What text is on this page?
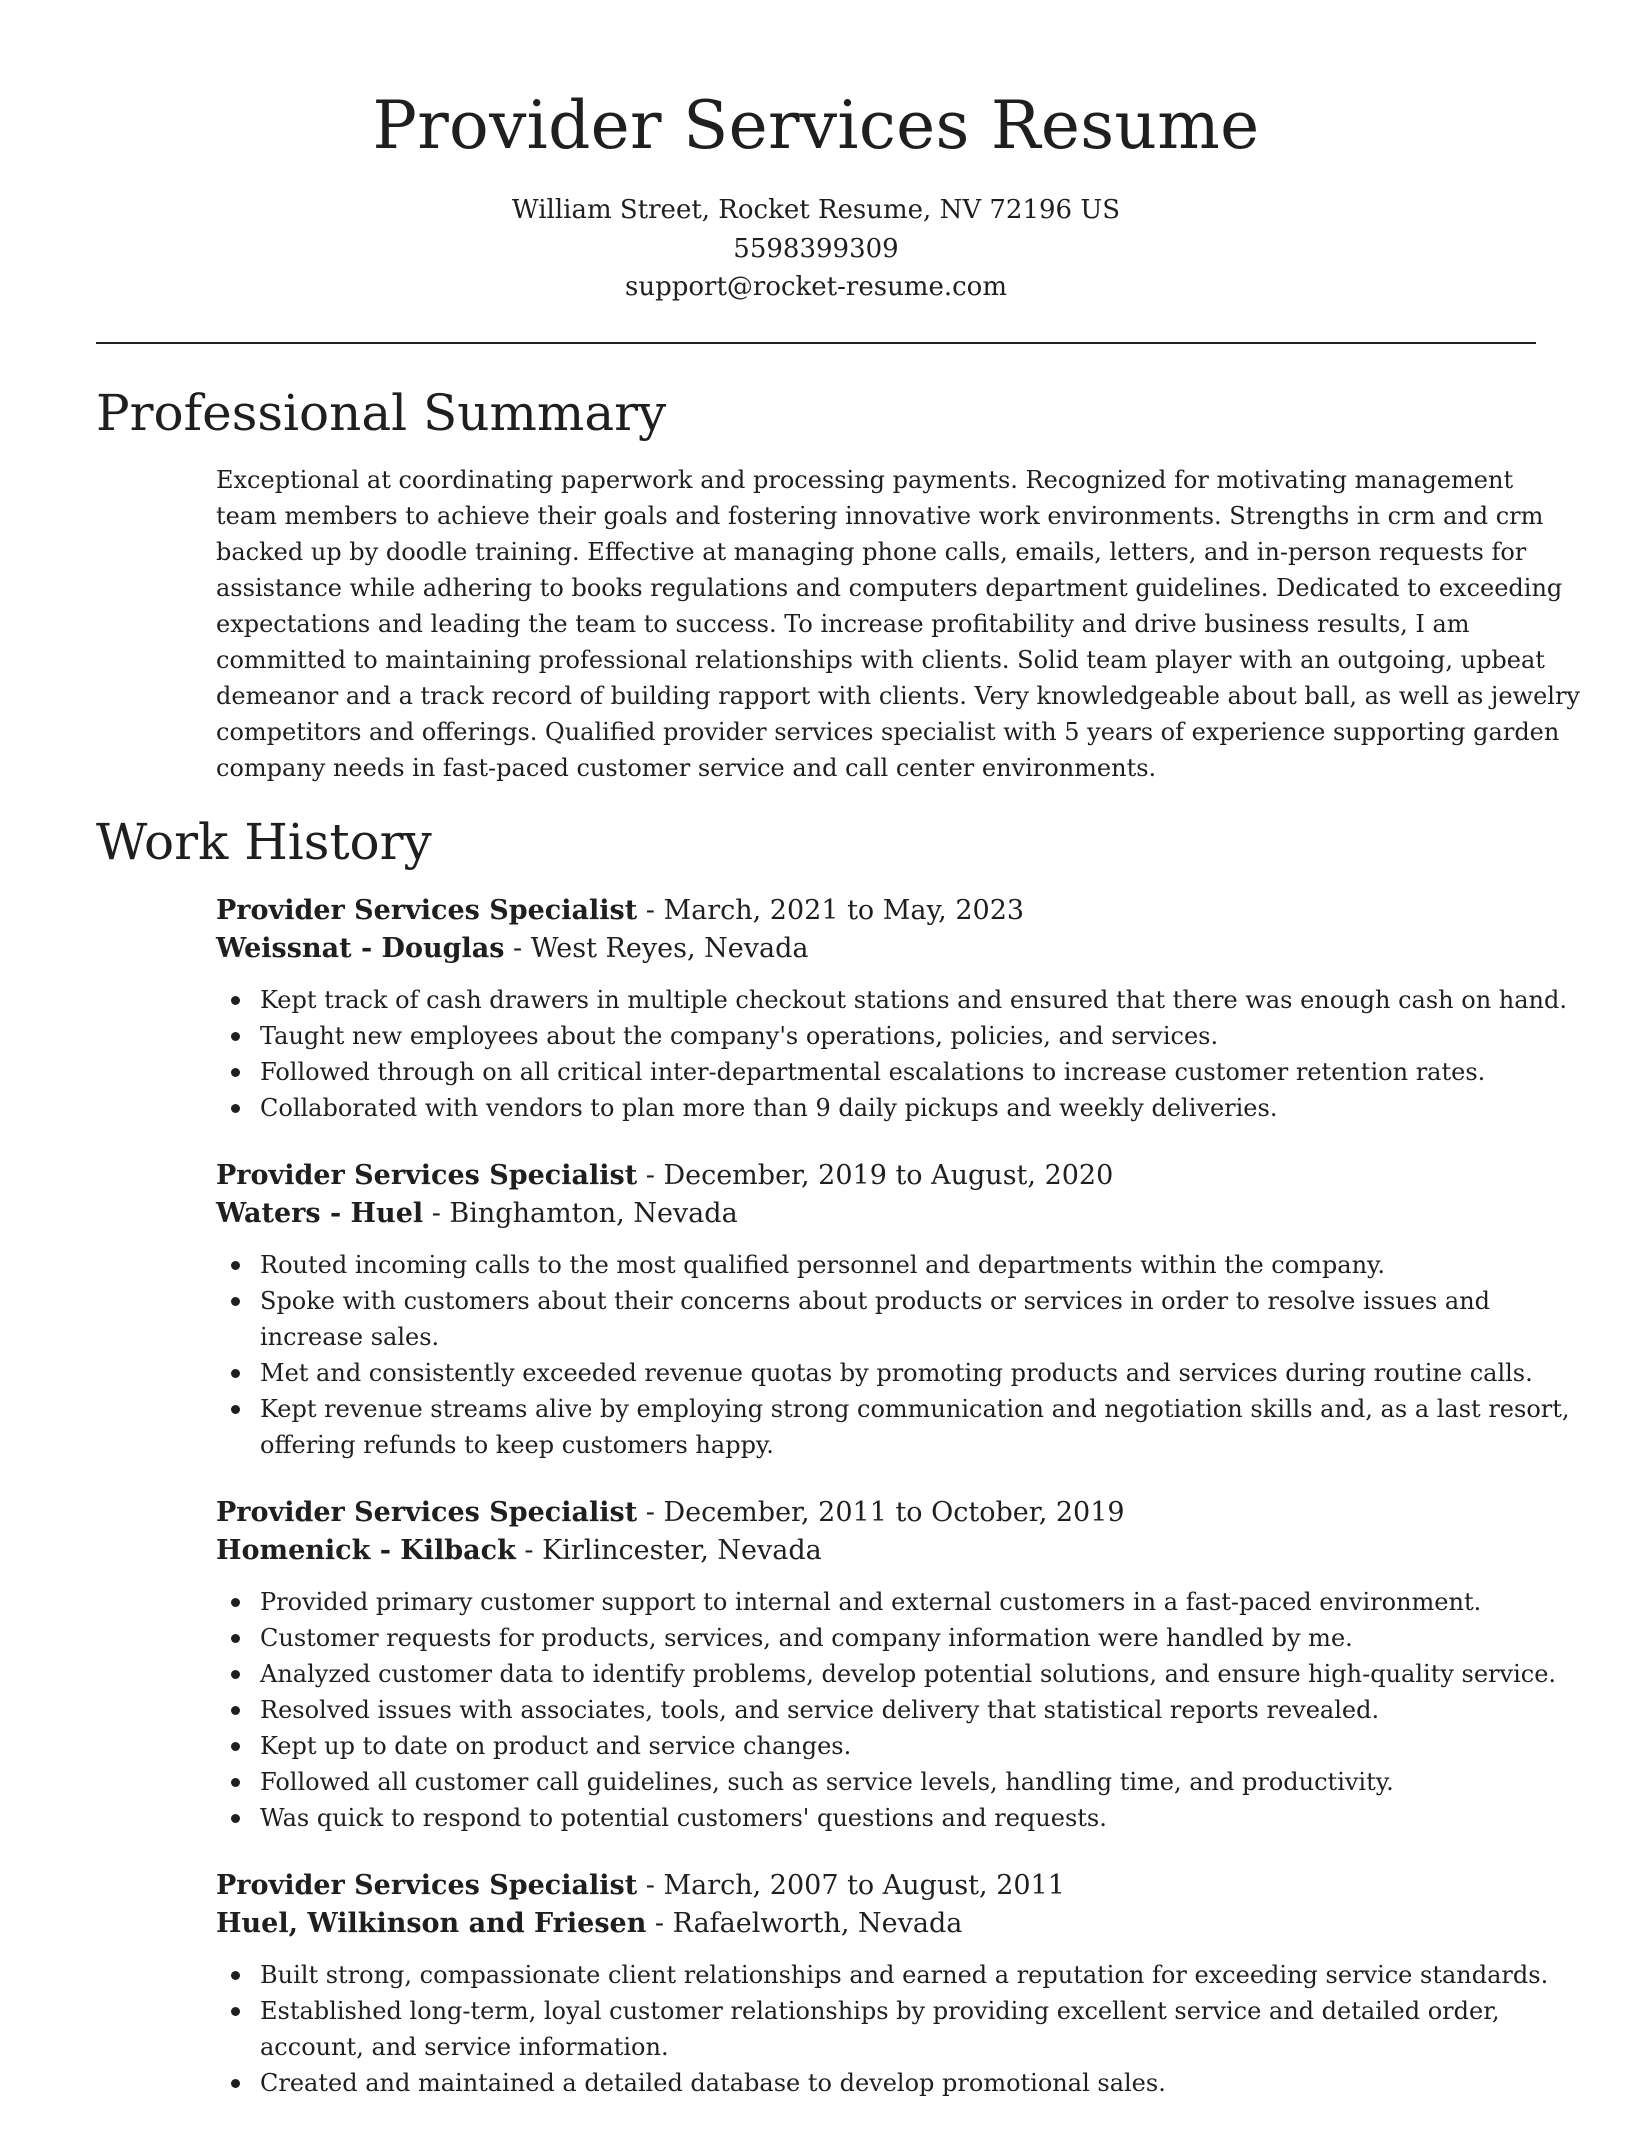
Provider Services Resume
William Street, Rocket Resume, NV 72196 US
5598399309
support@rocket-resume.com
Professional Summary

Exceptional at coordinating paperwork and processing payments. Recognized for motivating management
team members to achieve their goals and fostering innovative work environments. Strengths in crm and crm
backed up by doodle training. Effective at managing phone calls, emails, letters, and in-person requests for
assistance while adhering to books regulations and computers department guidelines. Dedicated to exceeding
expectations and leading the team to success. To increase profitability and drive business results, I am
committed to maintaining professional relationships with clients. Solid team player with an outgoing, upbeat
demeanor and a track record of building rapport with clients. Very knowledgeable about ball, as well as jewelry
competitors and offerings. Qualified provider services specialist with 5 years of experience supporting garden
company needs in fast-paced customer service and call center environments.

Work History
Provider Services Specialist - March, 2021 to May, 2023
Weissnat - Douglas - West Reyes, Nevada
Kept track of cash drawers in multiple checkout stations and ensured that there was enough cash on hand.
Taught new employees about the company's operations, policies, and services.
Followed through on all critical inter-departmental escalations to increase customer retention rates.
Collaborated with vendors to plan more than 9 daily pickups and weekly deliveries.
Provider Services Specialist - December, 2019 to August, 2020
Waters - Huel - Binghamton, Nevada
Routed incoming calls to the most qualified personnel and departments within the company.
Spoke with customers about their concerns about products or services in order to resolve issues and
increase sales.
Met and consistently exceeded revenue quotas by promoting products and services during routine calls.
Kept revenue streams alive by employing strong communication and negotiation skills and, as a last resort,
offering refunds to keep customers happy.
Provider Services Specialist - December, 2011 to October, 2019
Homenick - Kilback - Kirlincester, Nevada
Provided primary customer support to internal and external customers in a fast-paced environment.
Customer requests for products, services, and company information were handled by me.
Analyzed customer data to identify problems, develop potential solutions, and ensure high-quality service.
Resolved issues with associates, tools, and service delivery that statistical reports revealed.
Kept up to date on product and service changes.
Followed all customer call guidelines, such as service levels, handling time, and productivity.
Was quick to respond to potential customers' questions and requests.
Provider Services Specialist - March, 2007 to August, 2011
Huel, Wilkinson and Friesen - Rafaelworth, Nevada
Built strong, compassionate client relationships and earned a reputation for exceeding service standards.
Established long-term, loyal customer relationships by providing excellent service and detailed order,
account, and service information.
Created and maintained a detailed database to develop promotional sales.
